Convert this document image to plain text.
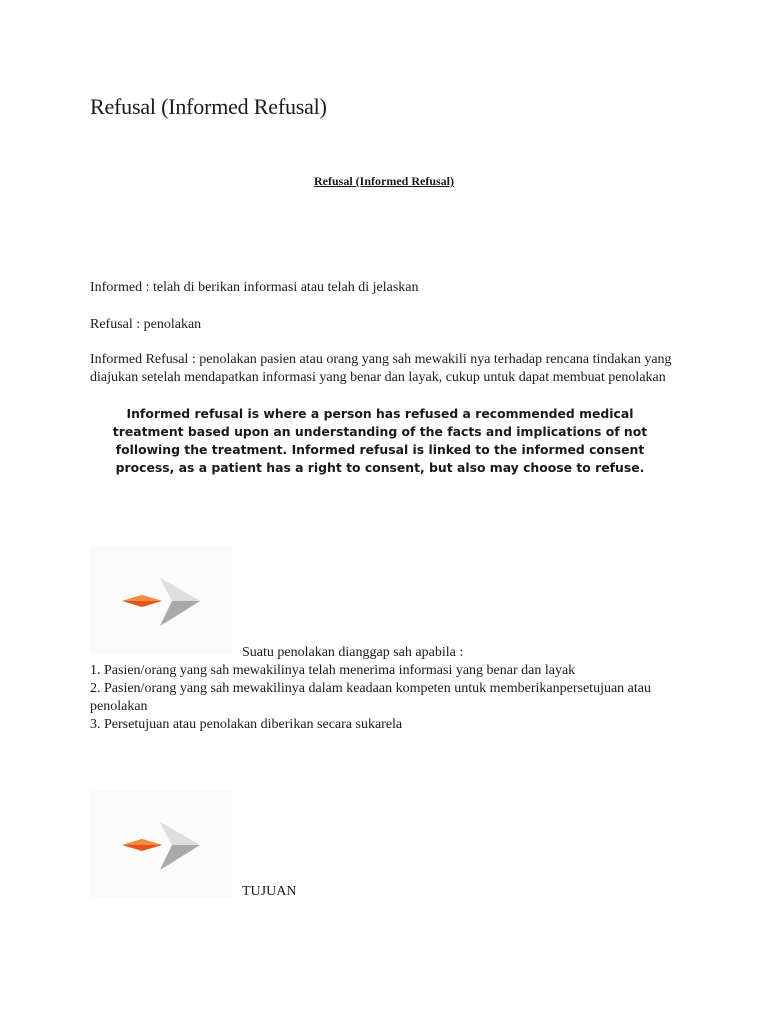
Refusal (Informed Refusal)
Refusal (Informed Refusal)
Informed : telah di berikan informasi atau telah di jelaskan
Refusal : penolakan
Informed Refusal : penolakan pasien atau orang yang sah mewakili nya terhadap rencana tindakan yang diajukan setelah mendapatkan informasi yang benar dan layak, cukup untuk dapat membuat penolakan
Informed refusal is where a person has refused a recommended medical treatment based upon an understanding of the facts and implications of not following the treatment. Informed refusal is linked to the informed consent process, as a patient has a right to consent, but also may choose to refuse.
Suatu penolakan dianggap sah apabila :
1. Pasien/orang yang sah mewakilinya telah menerima informasi yang benar dan layak
2. Pasien/orang yang sah mewakilinya dalam keadaan kompeten untuk memberikanpersetujuan atau penolakan
3. Persetujuan atau penolakan diberikan secara sukarela
TUJUAN
